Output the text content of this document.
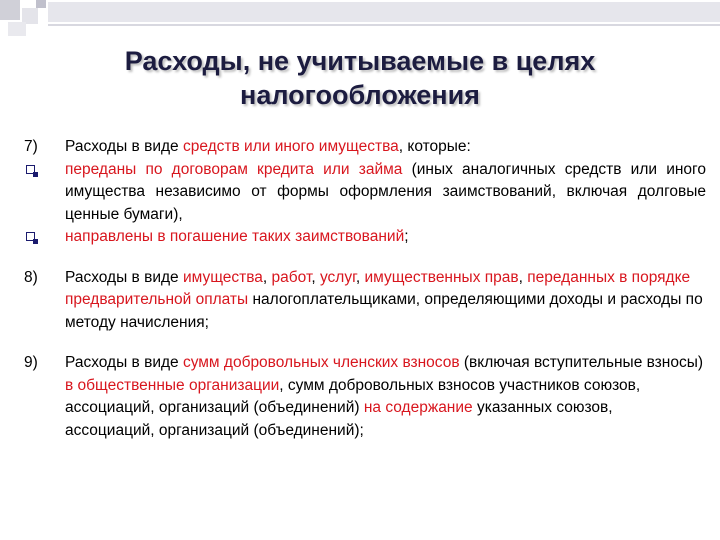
Расходы, не учитываемые в целях
налогообложения
7) Расходы в виде средств или иного имущества, которые:
переданы по договорам кредита или займа (иных аналогичных средств или иного имущества независимо от формы оформления заимствований, включая долговые ценные бумаги),
направлены в погашение таких заимствований;
8) Расходы в виде имущества, работ, услуг, имущественных прав, переданных в порядке предварительной оплаты налогоплательщиками, определяющими доходы и расходы по методу начисления;
9) Расходы в виде сумм добровольных членских взносов (включая вступительные взносы) в общественные организации, сумм добровольных взносов участников союзов, ассоциаций, организаций (объединений) на содержание указанных союзов, ассоциаций, организаций (объединений);
